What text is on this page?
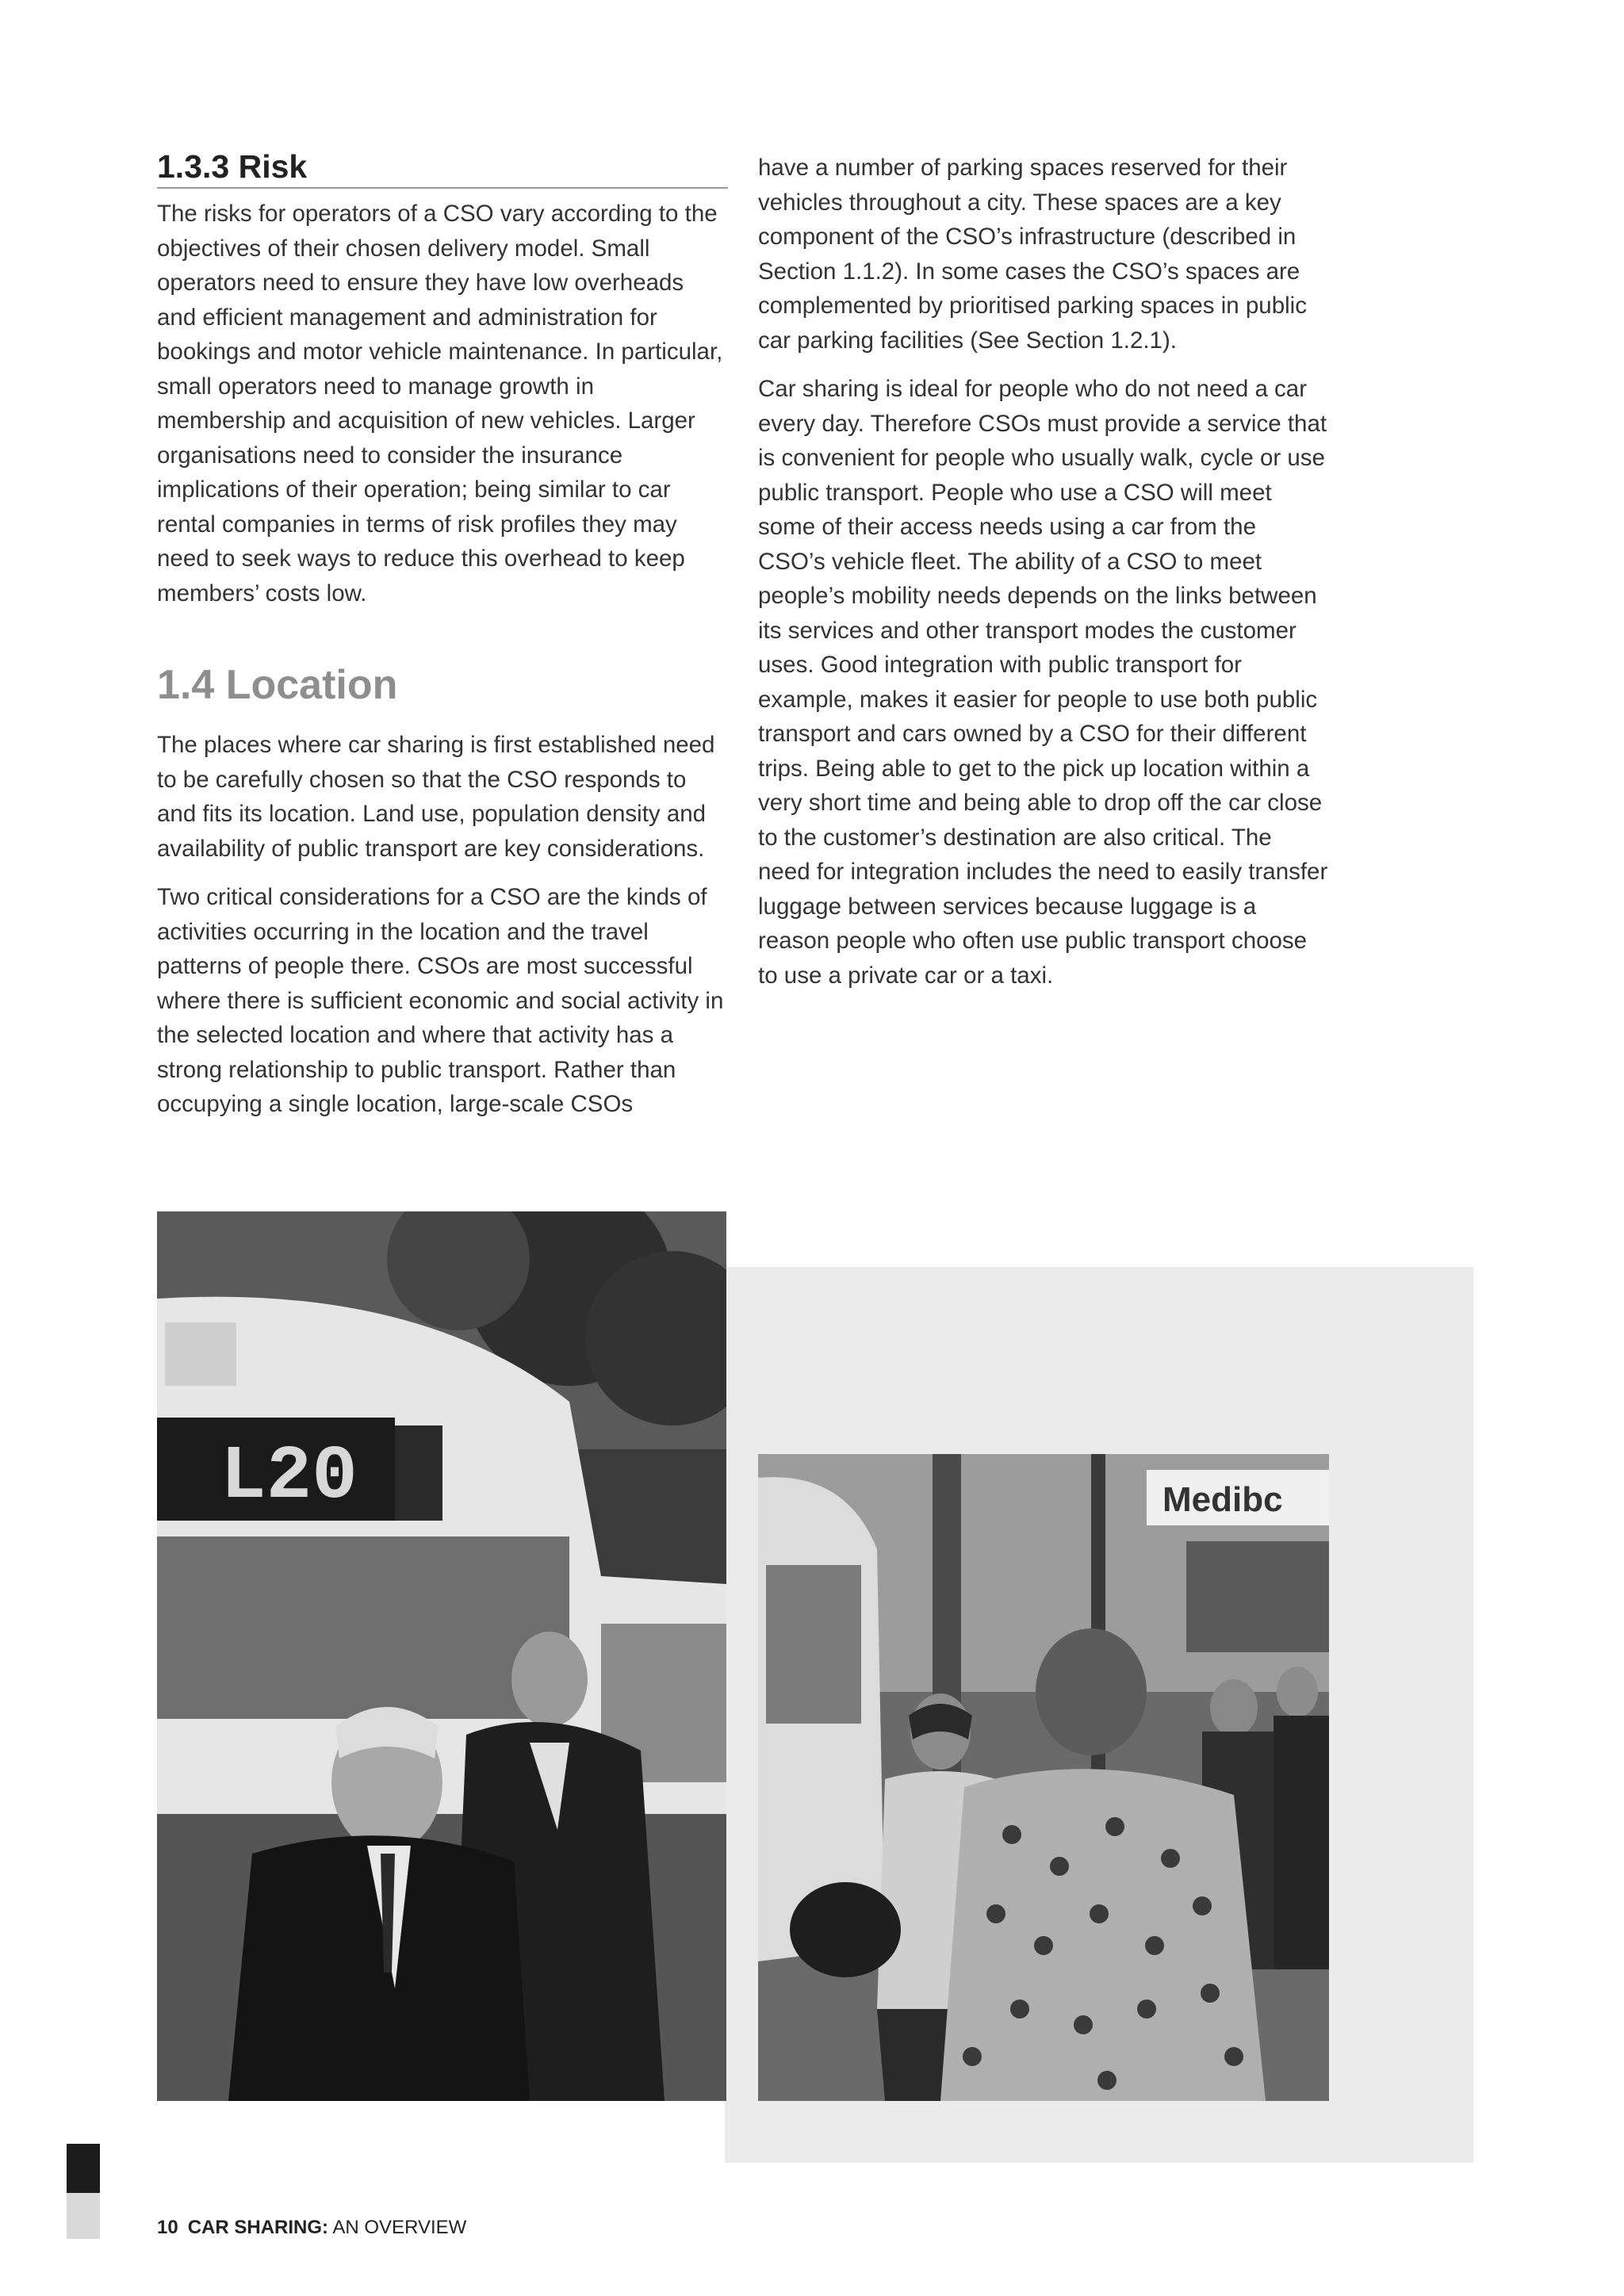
1.3.3 Risk

The risks for operators of a CSO vary according to the objectives of their chosen delivery model. Small operators need to ensure they have low overheads and efficient management and administration for bookings and motor vehicle maintenance. In particular, small operators need to manage growth in membership and acquisition of new vehicles. Larger organisations need to consider the insurance implications of their operation; being similar to car rental companies in terms of risk profiles they may need to seek ways to reduce this overhead to keep members’ costs low.

1.4 Location

The places where car sharing is first established need to be carefully chosen so that the CSO responds to and fits its location. Land use, population density and availability of public transport are key considerations.

Two critical considerations for a CSO are the kinds of activities occurring in the location and the travel patterns of people there. CSOs are most successful where there is sufficient economic and social activity in the selected location and where that activity has a strong relationship to public transport. Rather than occupying a single location, large-scale CSOs

have a number of parking spaces reserved for their vehicles throughout a city. These spaces are a key component of the CSO’s infrastructure (described in Section 1.1.2). In some cases the CSO’s spaces are complemented by prioritised parking spaces in public car parking facilities (See Section 1.2.1).

Car sharing is ideal for people who do not need a car every day. Therefore CSOs must provide a service that is convenient for people who usually walk, cycle or use public transport. People who use a CSO will meet some of their access needs using a car from the CSO’s vehicle fleet. The ability of a CSO to meet people’s mobility needs depends on the links between its services and other transport modes the customer uses. Good integration with public transport for example, makes it easier for people to use both public transport and cars owned by a CSO for their different trips. Being able to get to the pick up location within a very short time and being able to drop off the car close to the customer’s destination are also critical. The need for integration includes the need to easily transfer luggage between services because luggage is a reason people who often use public transport choose to use a private car or a taxi.

L20	Medibc
10 CAR SHARING: AN OVERVIEW
